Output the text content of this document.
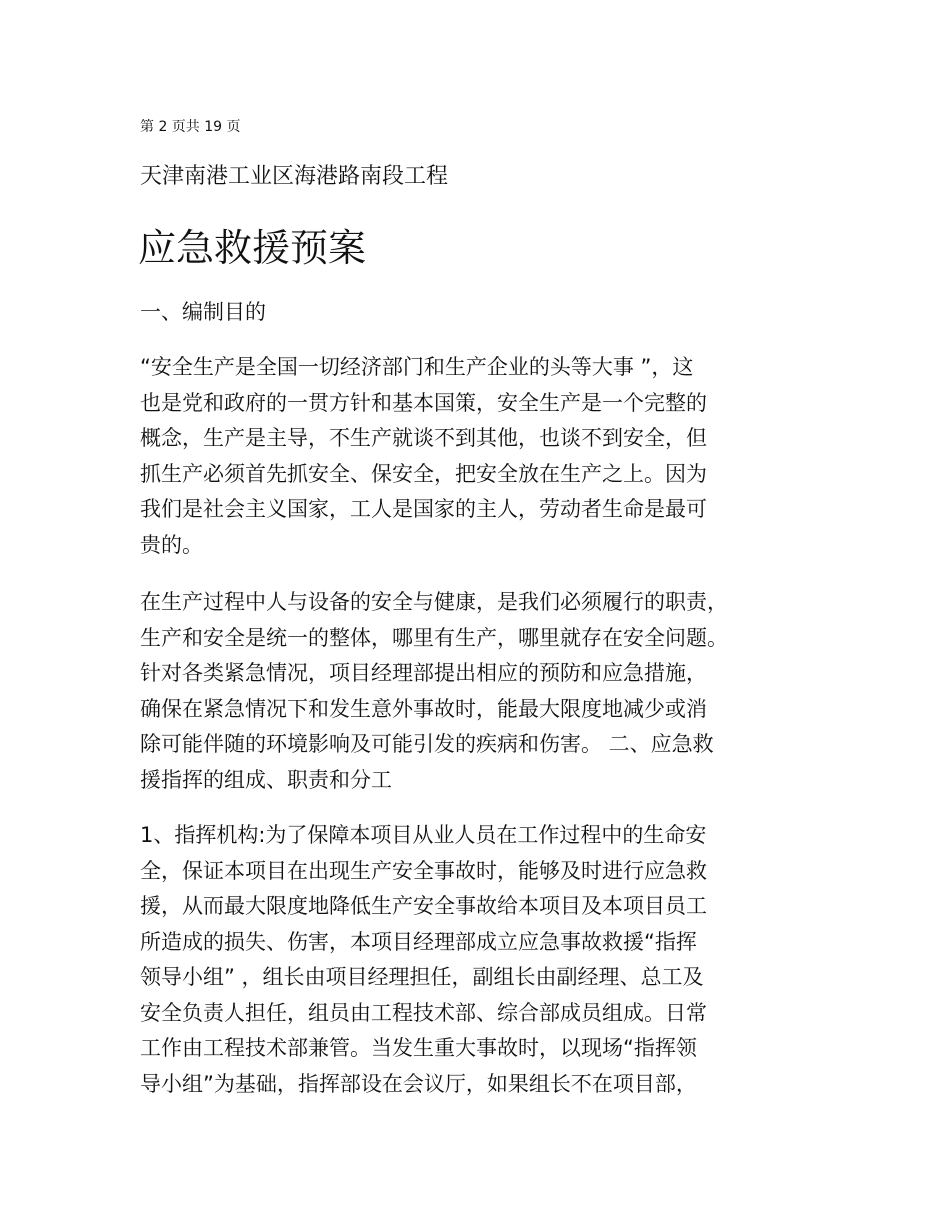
第 2 页共 19 页

天津南港工业区海港路南段工程

应急救援预案

一、编制目的

“安全生产是全国一切经济部门和生产企业的头等大事 ”，这
也是党和政府的一贯方针和基本国策，安全生产是一个完整的
概念，生产是主导，不生产就谈不到其他，也谈不到安全，但
抓生产必须首先抓安全、保安全，把安全放在生产之上。因为
我们是社会主义国家，工人是国家的主人，劳动者生命是最可
贵的。
在生产过程中人与设备的安全与健康，是我们必须履行的职责，
生产和安全是统一的整体，哪里有生产，哪里就存在安全问题。
针对各类紧急情况，项目经理部提出相应的预防和应急措施，
确保在紧急情况下和发生意外事故时，能最大限度地减少或消
除可能伴随的环境影响及可能引发的疾病和伤害。 二、应急救
援指挥的组成、职责和分工
1、指挥机构:为了保障本项目从业人员在工作过程中的生命安
全，保证本项目在出现生产安全事故时，能够及时进行应急救
援，从而最大限度地降低生产安全事故给本项目及本项目员工
所造成的损失、伤害，本项目经理部成立应急事故救援“指挥
领导小组” ，组长由项目经理担任，副组长由副经理、总工及
安全负责人担任，组员由工程技术部、综合部成员组成。日常
工作由工程技术部兼管。当发生重大事故时，以现场“指挥领
导小组”为基础，指挥部设在会议厅，如果组长不在项目部，
